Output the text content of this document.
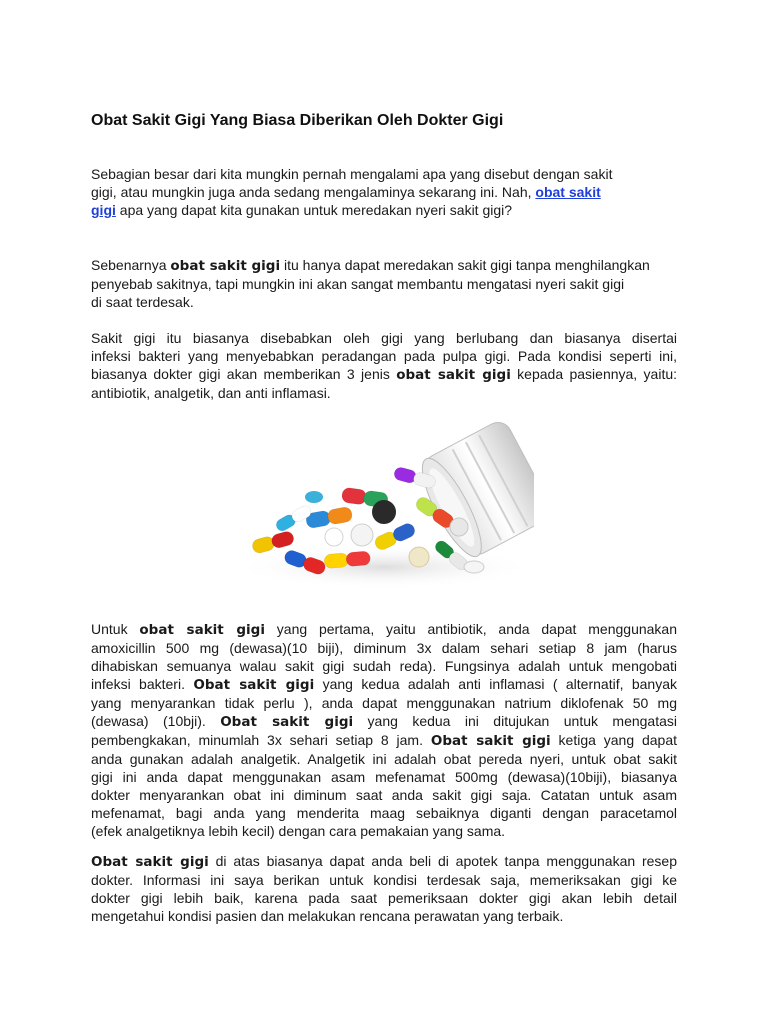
Obat Sakit Gigi Yang Biasa Diberikan Oleh Dokter Gigi
Sebagian besar dari kita mungkin pernah mengalami apa yang disebut dengan sakit
gigi, atau mungkin juga anda sedang mengalaminya sekarang ini. Nah, obat sakit
gigi apa yang dapat kita gunakan untuk meredakan nyeri sakit gigi?
Sebenarnya obat sakit gigi itu hanya dapat meredakan sakit gigi tanpa menghilangkan
penyebab sakitnya, tapi mungkin ini akan sangat membantu mengatasi nyeri sakit gigi
di saat terdesak.
Sakit gigi itu biasanya disebabkan oleh gigi yang berlubang dan biasanya disertai
infeksi bakteri yang menyebabkan peradangan pada pulpa gigi. Pada kondisi seperti ini,
biasanya dokter gigi akan memberikan 3 jenis obat sakit gigi kepada pasiennya, yaitu:
antibiotik, analgetik, dan anti inflamasi.
Untuk obat sakit gigi yang pertama, yaitu antibiotik, anda dapat menggunakan
amoxicillin 500 mg (dewasa)(10 biji), diminum 3x dalam sehari setiap 8 jam (harus
dihabiskan semuanya walau sakit gigi sudah reda). Fungsinya adalah untuk mengobati
infeksi bakteri. Obat sakit gigi yang kedua adalah anti inflamasi ( alternatif, banyak
yang menyarankan tidak perlu ), anda dapat menggunakan natrium diklofenak 50 mg
(dewasa) (10bji). Obat sakit gigi yang kedua ini ditujukan untuk mengatasi
pembengkakan, minumlah 3x sehari setiap 8 jam. Obat sakit gigi ketiga yang dapat
anda gunakan adalah analgetik. Analgetik ini adalah obat pereda nyeri, untuk obat sakit
gigi ini anda dapat menggunakan asam mefenamat 500mg (dewasa)(10biji), biasanya
dokter menyarankan obat ini diminum saat anda sakit gigi saja. Catatan untuk asam
mefenamat, bagi anda yang menderita maag sebaiknya diganti dengan paracetamol
(efek analgetiknya lebih kecil) dengan cara pemakaian yang sama.
Obat sakit gigi di atas biasanya dapat anda beli di apotek tanpa menggunakan resep
dokter. Informasi ini saya berikan untuk kondisi terdesak saja, memeriksakan gigi ke
dokter gigi lebih baik, karena pada saat pemeriksaan dokter gigi akan lebih detail
mengetahui kondisi pasien dan melakukan rencana perawatan yang terbaik.
